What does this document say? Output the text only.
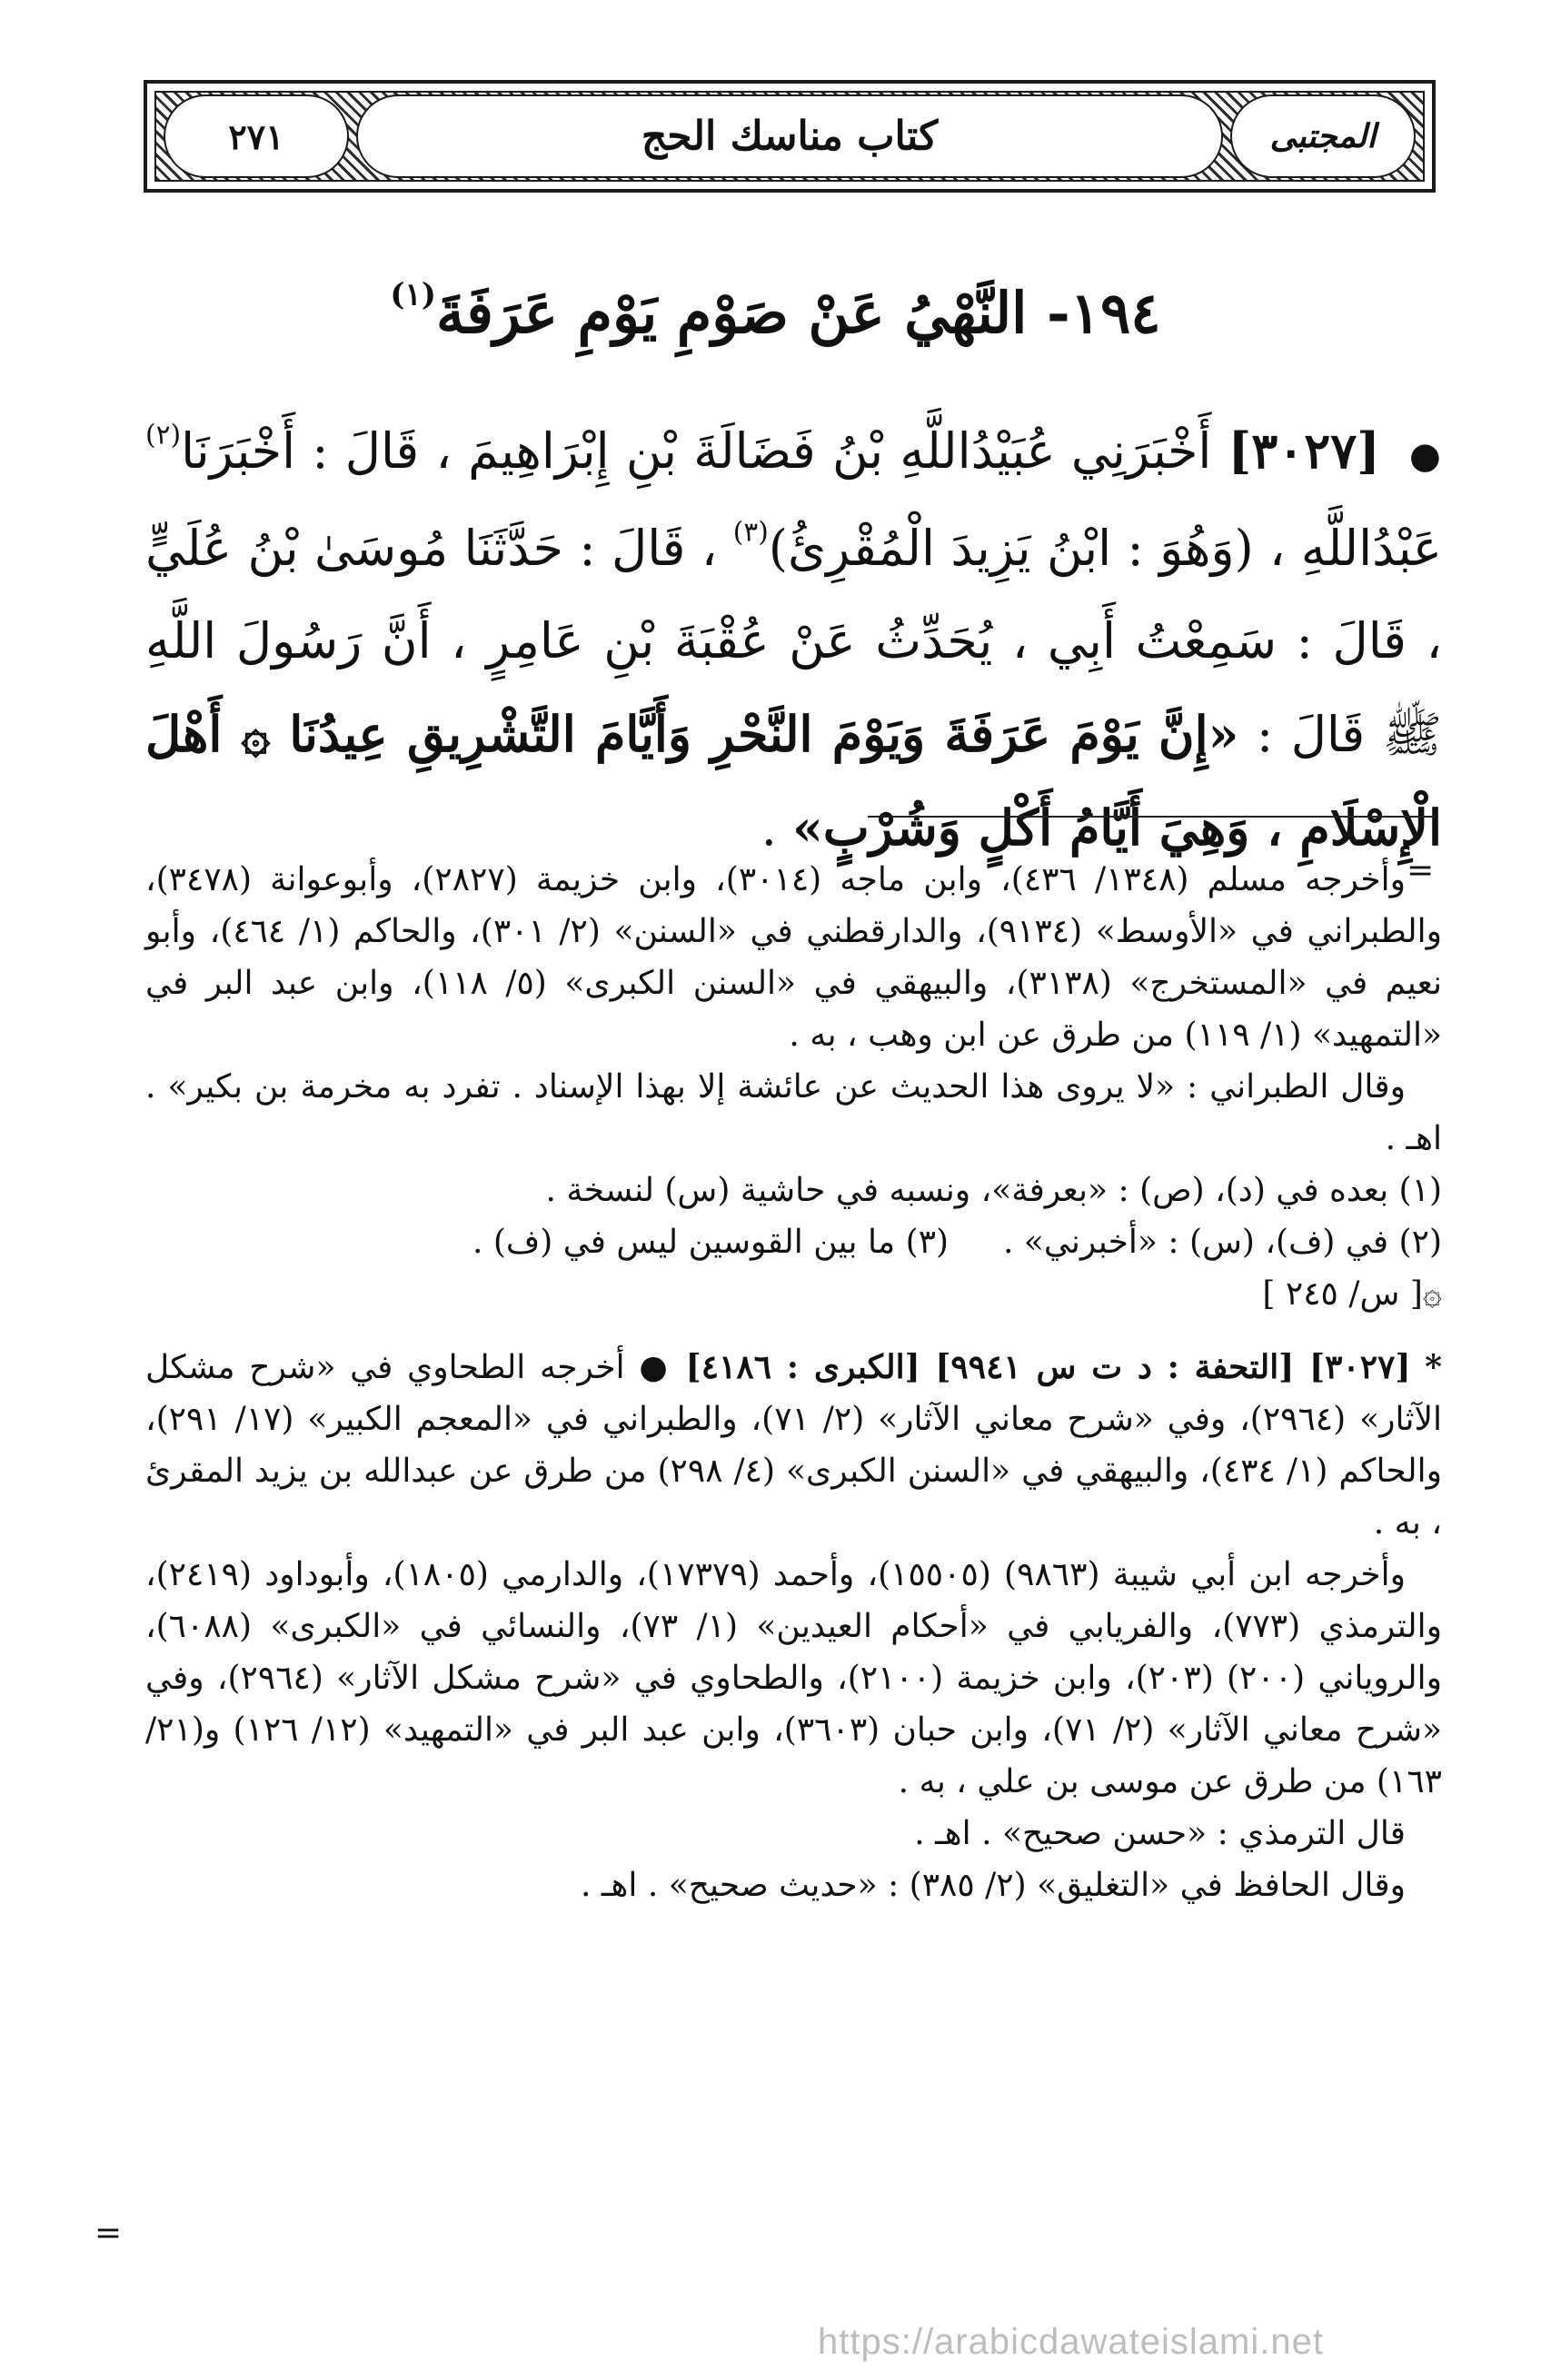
كتاب مناسك الحج	المجتبى
٢٧١
١٩٤- النَّهْيُ عَنْ صَوْمِ يَوْمِ عَرَفَةَ$^{(١)}$
● [٣٠٢٧] أَخْبَرَنِي عُبَيْدُاللَّهِ بْنُ فَضَالَةَ بْنِ إِبْرَاهِيمَ ، قَالَ : أَخْبَرَنَا$^{(٢)}$ عَبْدُاللَّهِ ، (وَهُوَ : ابْنُ يَزِيدَ الْمُقْرِئُ)$^{(٣)}$ ، قَالَ : حَدَّثَنَا مُوسَىٰ بْنُ عُلَيٍّ ، قَالَ : سَمِعْتُ أَبِي ، يُحَدِّثُ عَنْ عُقْبَةَ بْنِ عَامِرٍ ، أَنَّ رَسُولَ اللَّهِ ﷺ قَالَ : «إِنَّ يَوْمَ عَرَفَةَ وَيَوْمَ النَّحْرِ وَأَيَّامَ التَّشْرِيقِ عِيدُنَا ۞ أَهْلَ الْإِسْلَامِ ، وَهِيَ أَيَّامُ أَكْلٍ وَشُرْبٍ» .
=

وأخرجه مسلم (١٣٤٨/ ٤٣٦)، وابن ماجه (٣٠١٤)، وابن خزيمة (٢٨٢٧)، وأبوعوانة (٣٤٧٨)، والطبراني في «الأوسط» (٩١٣٤)، والدارقطني في «السنن» (٢/ ٣٠١)، والحاكم (١/ ٤٦٤)، وأبو نعيم في «المستخرج» (٣١٣٨)، والبيهقي في «السنن الكبرى» (٥/ ١١٨)، وابن عبد البر في «التمهيد» (١/ ١١٩) من طرق عن ابن وهب ، به .

وقال الطبراني : «لا يروى هذا الحديث عن عائشة إلا بهذا الإسناد . تفرد به مخرمة بن بكير» . اهـ .

(١) بعده في (د)، (ص) : «بعرفة»، ونسبه في حاشية (س) لنسخة .

(٢) في (ف)، (س) : «أخبرني» .
(٣) ما بين القوسين ليس في (ف) .

۞[ س/ ٢٤٥ ]

* [٣٠٢٧] [التحفة : د ت س ٩٩٤١] [الكبرى : ٤١٨٦] ● أخرجه الطحاوي في «شرح مشكل الآثار» (٢٩٦٤)، وفي «شرح معاني الآثار» (٢/ ٧١)، والطبراني في «المعجم الكبير» (١٧/ ٢٩١)، والحاكم (١/ ٤٣٤)، والبيهقي في «السنن الكبرى» (٤/ ٢٩٨) من طرق عن عبدالله بن يزيد المقرئ ، به .

وأخرجه ابن أبي شيبة (٩٨٦٣) (١٥٥٠٥)، وأحمد (١٧٣٧٩)، والدارمي (١٨٠٥)، وأبوداود (٢٤١٩)، والترمذي (٧٧٣)، والفريابي في «أحكام العيدين» (١/ ٧٣)، والنسائي في «الكبرى» (٦٠٨٨)، والروياني (٢٠٠) (٢٠٣)، وابن خزيمة (٢١٠٠)، والطحاوي في «شرح مشكل الآثار» (٢٩٦٤)، وفي «شرح معاني الآثار» (٢/ ٧١)، وابن حبان (٣٦٠٣)، وابن عبد البر في «التمهيد» (١٢/ ١٢٦) و(٢١/ ١٦٣) من طرق عن موسى بن علي ، به .

قال الترمذي : «حسن صحيح» . اهـ .

وقال الحافظ في «التغليق» (٢/ ٣٨٥) : «حديث صحيح» . اهـ .

=
https://arabicdawateislami.net
